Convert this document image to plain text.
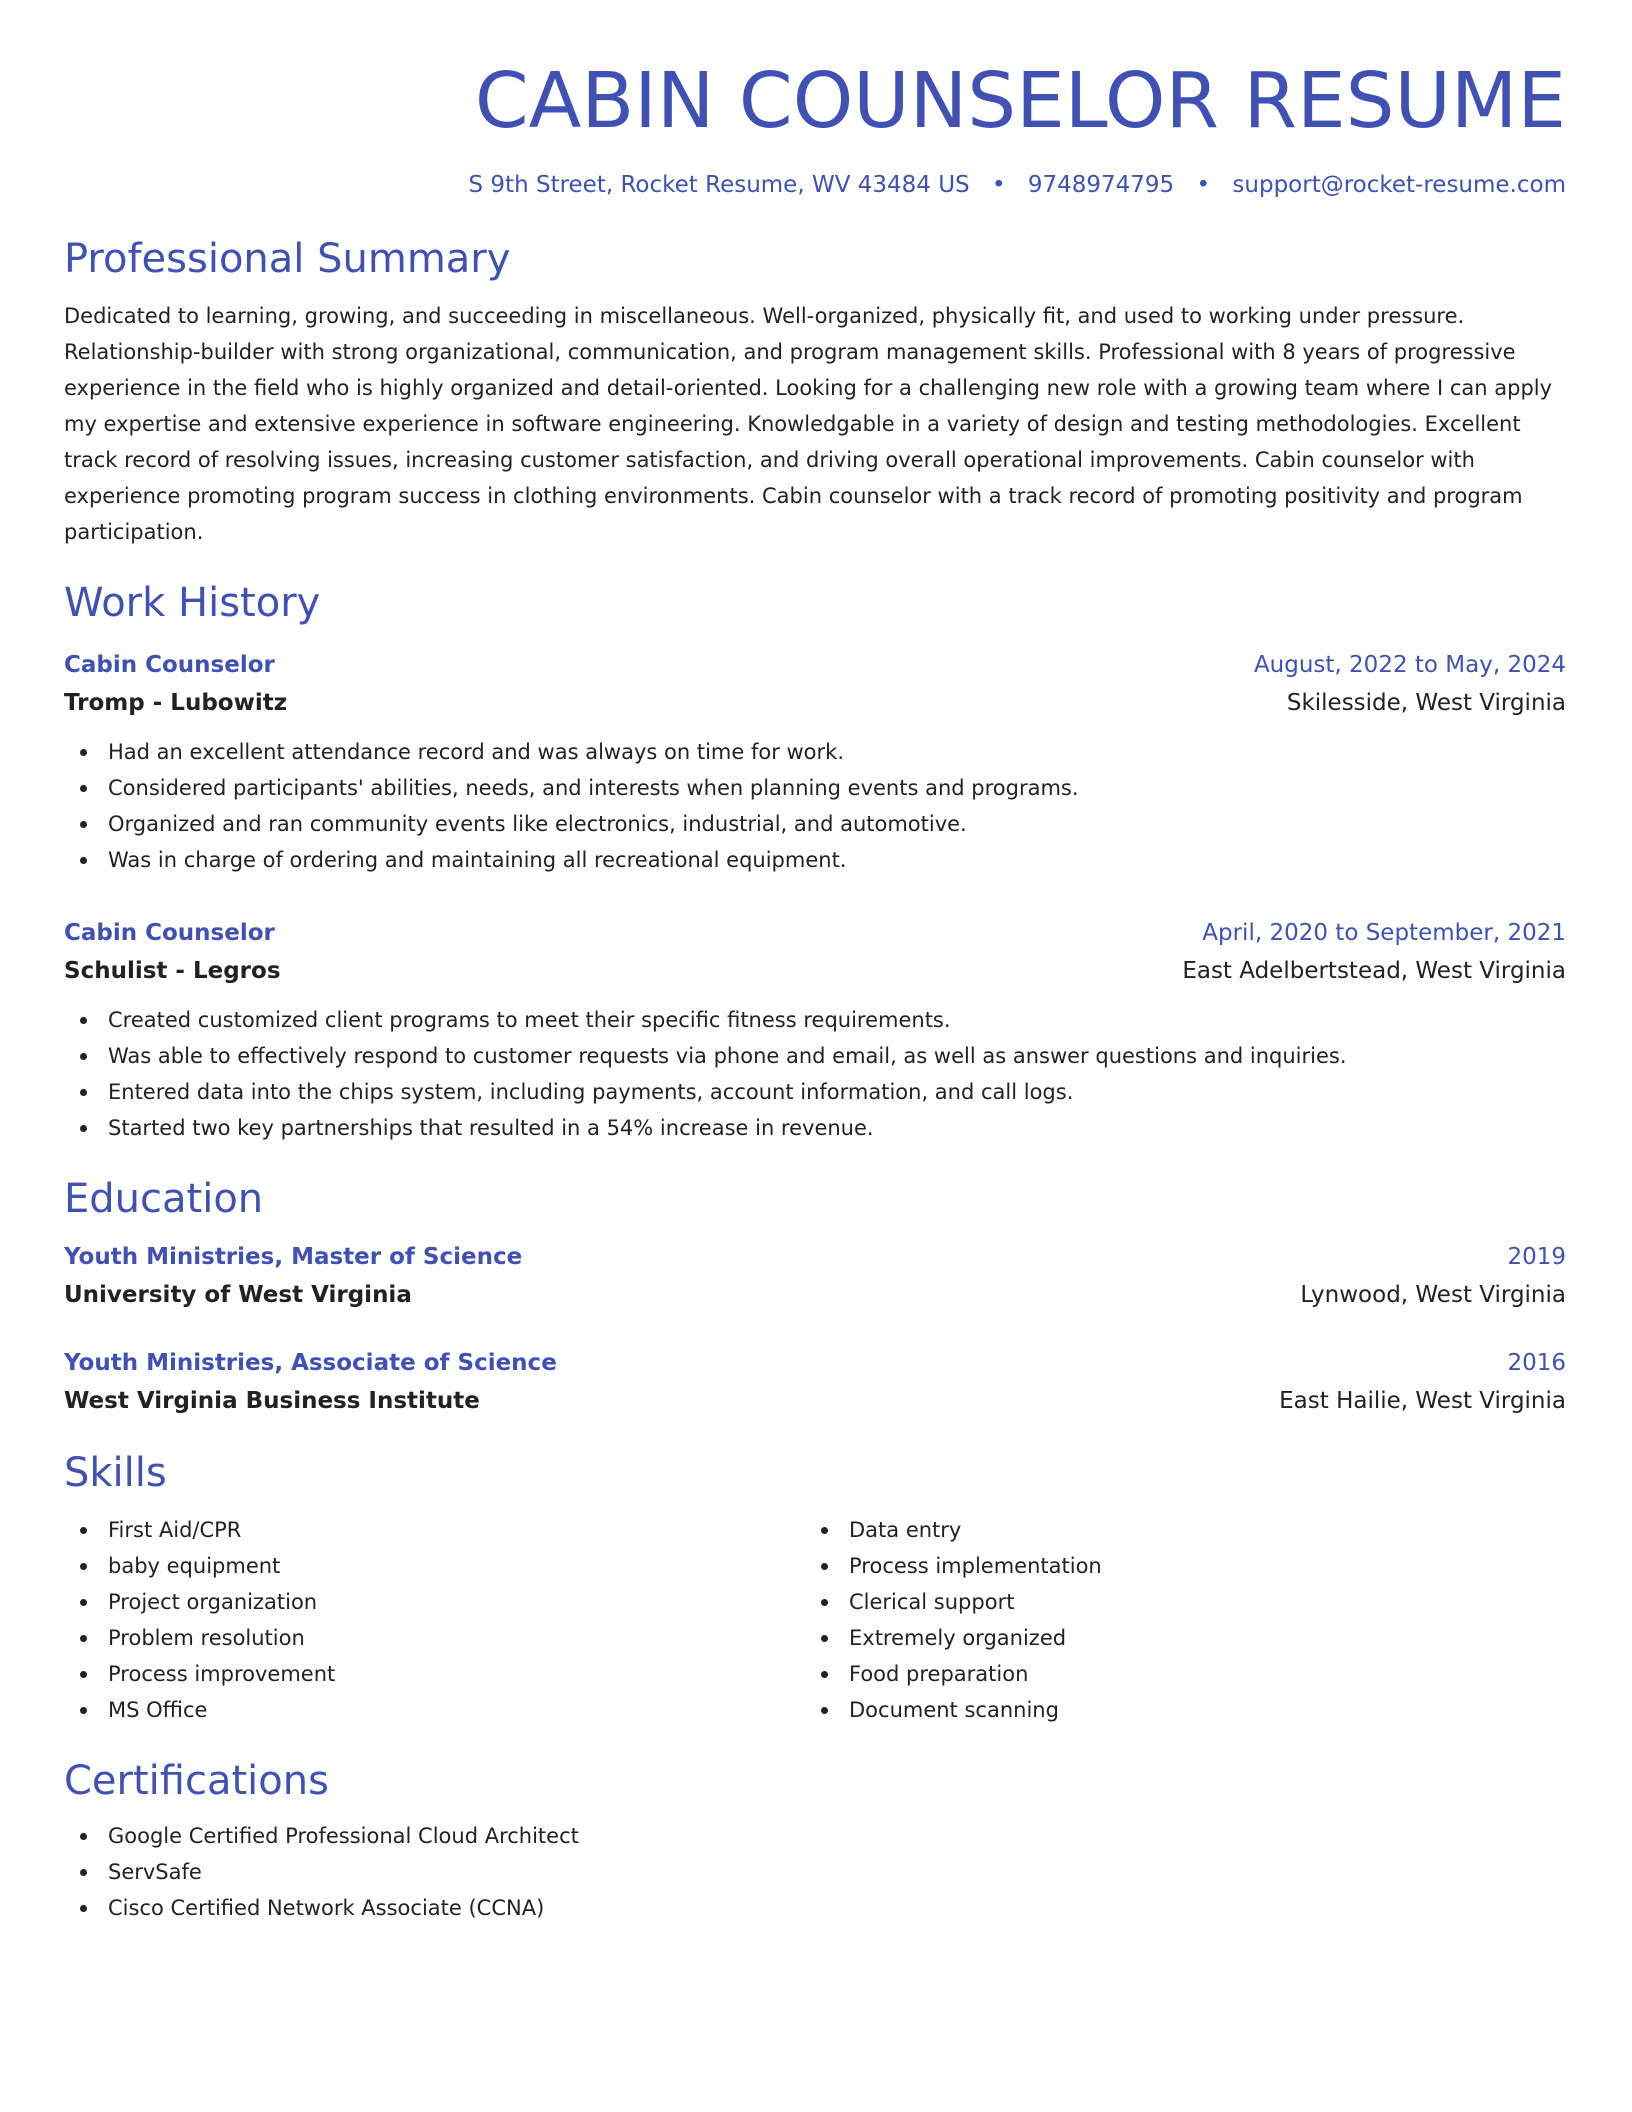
CABIN COUNSELOR RESUME
S 9th Street, Rocket Resume, WV 43484 US • 9748974795 • support@rocket-resume.com
Professional Summary
Dedicated to learning, growing, and succeeding in miscellaneous. Well-organized, physically fit, and used to working under pressure. Relationship-builder with strong organizational, communication, and program management skills. Professional with 8 years of progressive experience in the field who is highly organized and detail-oriented. Looking for a challenging new role with a growing team where I can apply my expertise and extensive experience in software engineering. Knowledgable in a variety of design and testing methodologies. Excellent track record of resolving issues, increasing customer satisfaction, and driving overall operational improvements. Cabin counselor with experience promoting program success in clothing environments. Cabin counselor with a track record of promoting positivity and program participation.
Work History
Cabin Counselor	August, 2022 to May, 2024
Tromp - Lubowitz	Skilesside, West Virginia
Had an excellent attendance record and was always on time for work.
Considered participants' abilities, needs, and interests when planning events and programs.
Organized and ran community events like electronics, industrial, and automotive.
Was in charge of ordering and maintaining all recreational equipment.
Cabin Counselor	April, 2020 to September, 2021
Schulist - Legros	East Adelbertstead, West Virginia
Created customized client programs to meet their specific fitness requirements.
Was able to effectively respond to customer requests via phone and email, as well as answer questions and inquiries.
Entered data into the chips system, including payments, account information, and call logs.
Started two key partnerships that resulted in a 54% increase in revenue.
Education
Youth Ministries, Master of Science	2019
University of West Virginia	Lynwood, West Virginia
Youth Ministries, Associate of Science	2016
West Virginia Business Institute	East Hailie, West Virginia
Skills
First Aid/CPR
baby equipment
Project organization
Problem resolution
Process improvement
MS Office
Data entry
Process implementation
Clerical support
Extremely organized
Food preparation
Document scanning
Certifications
Google Certified Professional Cloud Architect
ServSafe
Cisco Certified Network Associate (CCNA)
